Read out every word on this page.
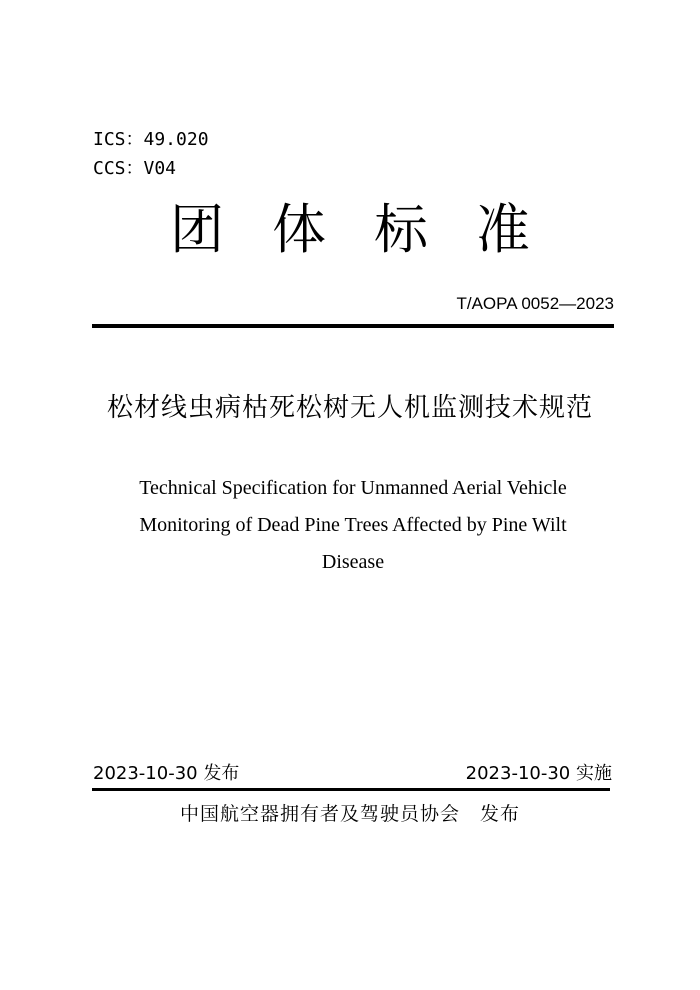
ICS：49.020
CCS：V04
团体标准
T/AOPA 0052—2023
松材线虫病枯死松树无人机监测技术规范
Technical Specification for Unmanned Aerial Vehicle
Monitoring of Dead Pine Trees Affected by Pine Wilt
Disease
2023-10-30 发布	2023-10-30 实施
中国航空器拥有者及驾驶员协会 发布
